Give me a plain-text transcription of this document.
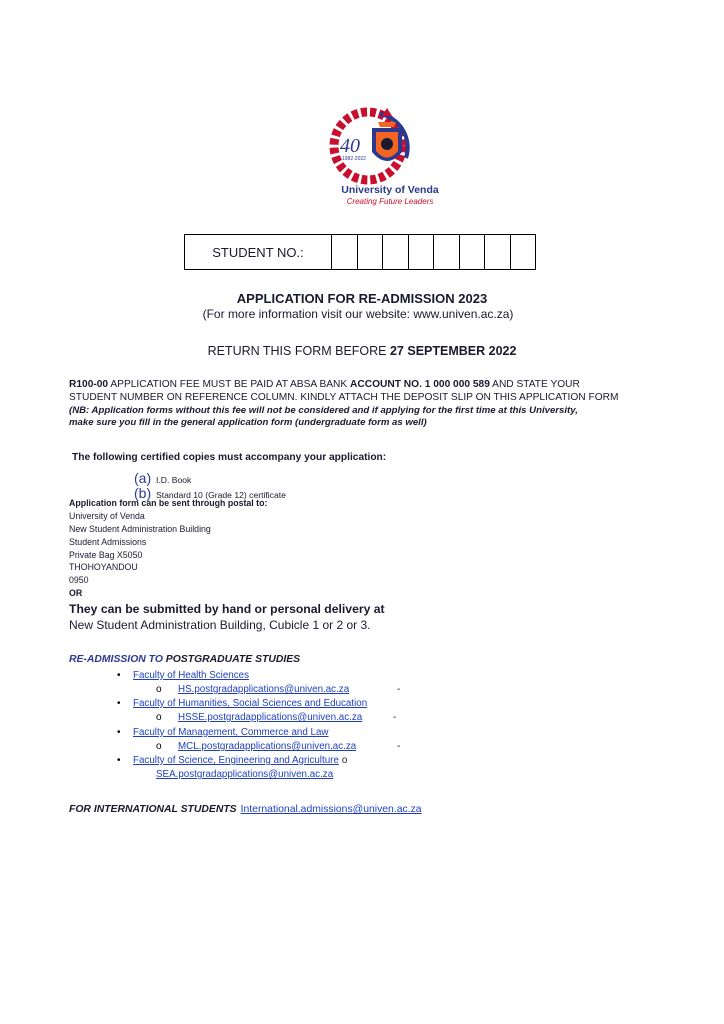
40
1982-2022
University of Venda
Creating Future Leaders
STUDENT NO.:
APPLICATION FOR RE-ADMISSION 2023
(For more information visit our website: www.univen.ac.za)
RETURN THIS FORM BEFORE 27 SEPTEMBER 2022
R100-00 APPLICATION FEE MUST BE PAID AT ABSA BANK ACCOUNT NO. 1 000 000 589 AND STATE YOUR
STUDENT NUMBER ON REFERENCE COLUMN. KINDLY ATTACH THE DEPOSIT SLIP ON THIS APPLICATION FORM
(NB: Application forms without this fee will not be considered and if applying for the first time at this University,
make sure you fill in the general application form (undergraduate form as well)
The following certified copies must accompany your application:
(a) I.D. Book
(b) Standard 10 (Grade 12) certificate
Application form can be sent through postal to:
University of Venda
New Student Administration Building
Student Admissions
Private Bag X5050
THOHOYANDOU
0950
OR
They can be submitted by hand or personal delivery at
New Student Administration Building, Cubicle 1 or 2 or 3.
RE-ADMISSION TO POSTGRADUATE STUDIES
•	Faculty of Health Sciences
o	HS.postgradapplications@univen.ac.za	-
•	Faculty of Humanities, Social Sciences and Education
o	HSSE.postgradapplications@univen.ac.za	-
•	Faculty of Management, Commerce and Law
o	MCL.postgradapplications@univen.ac.za	-
•	Faculty of Science, Engineering and Agriculture o
SEA.postgradapplications@univen.ac.za
FOR INTERNATIONAL STUDENTS International.admissions@univen.ac.za
